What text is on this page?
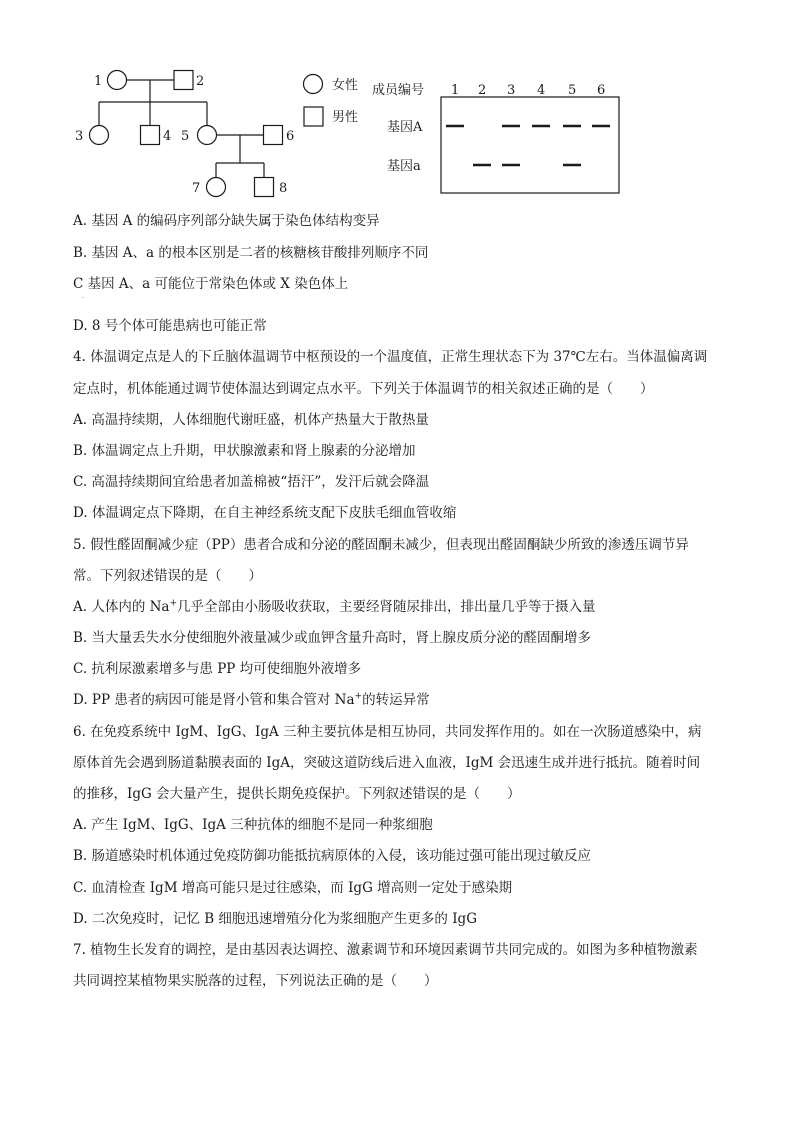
1	2
3	4 5	6
7	8
女性
男性
成员编号 1 2 3 4 5 6
基因A
基因a
A. 基因 A 的编码序列部分缺失属于染色体结构变异
B. 基因 A、a 的根本区别是二者的核糖核苷酸排列顺序不同
C 基因 A、a 可能位于常染色体或 X 染色体上
·
D. 8 号个体可能患病也可能正常
4. 体温调定点是人的下丘脑体温调节中枢预设的一个温度值，正常生理状态下为 37℃左右。当体温偏离调
定点时，机体能通过调节使体温达到调定点水平。下列关于体温调节的相关叙述正确的是（　　）
A. 高温持续期，人体细胞代谢旺盛，机体产热量大于散热量
B. 体温调定点上升期，甲状腺激素和肾上腺素的分泌增加
C. 高温持续期间宜给患者加盖棉被“捂汗”，发汗后就会降温
D. 体温调定点下降期，在自主神经系统支配下皮肤毛细血管收缩
5. 假性醛固酮减少症（PP）患者合成和分泌的醛固酮未减少，但表现出醛固酮缺少所致的渗透压调节异
常。下列叙述错误的是（　　）
A. 人体内的 Na+几乎全部由小肠吸收获取，主要经肾随尿排出，排出量几乎等于摄入量
B. 当大量丢失水分使细胞外液量减少或血钾含量升高时，肾上腺皮质分泌的醛固酮增多
C. 抗利尿激素增多与患 PP 均可使细胞外液增多
D. PP 患者的病因可能是肾小管和集合管对 Na+的转运异常
6. 在免疫系统中 IgM、IgG、IgA 三种主要抗体是相互协同，共同发挥作用的。如在一次肠道感染中，病
原体首先会遇到肠道黏膜表面的 IgA，突破这道防线后进入血液，IgM 会迅速生成并进行抵抗。随着时间
的推移，IgG 会大量产生，提供长期免疫保护。下列叙述错误的是（　　）
A. 产生 IgM、IgG、IgA 三种抗体的细胞不是同一种浆细胞
B. 肠道感染时机体通过免疫防御功能抵抗病原体的入侵，该功能过强可能出现过敏反应
C. 血清检查 IgM 增高可能只是过往感染，而 IgG 增高则一定处于感染期
D. 二次免疫时，记忆 B 细胞迅速增殖分化为浆细胞产生更多的 IgG
7. 植物生长发育的调控，是由基因表达调控、激素调节和环境因素调节共同完成的。如图为多种植物激素
共同调控某植物果实脱落的过程，下列说法正确的是（　　）
